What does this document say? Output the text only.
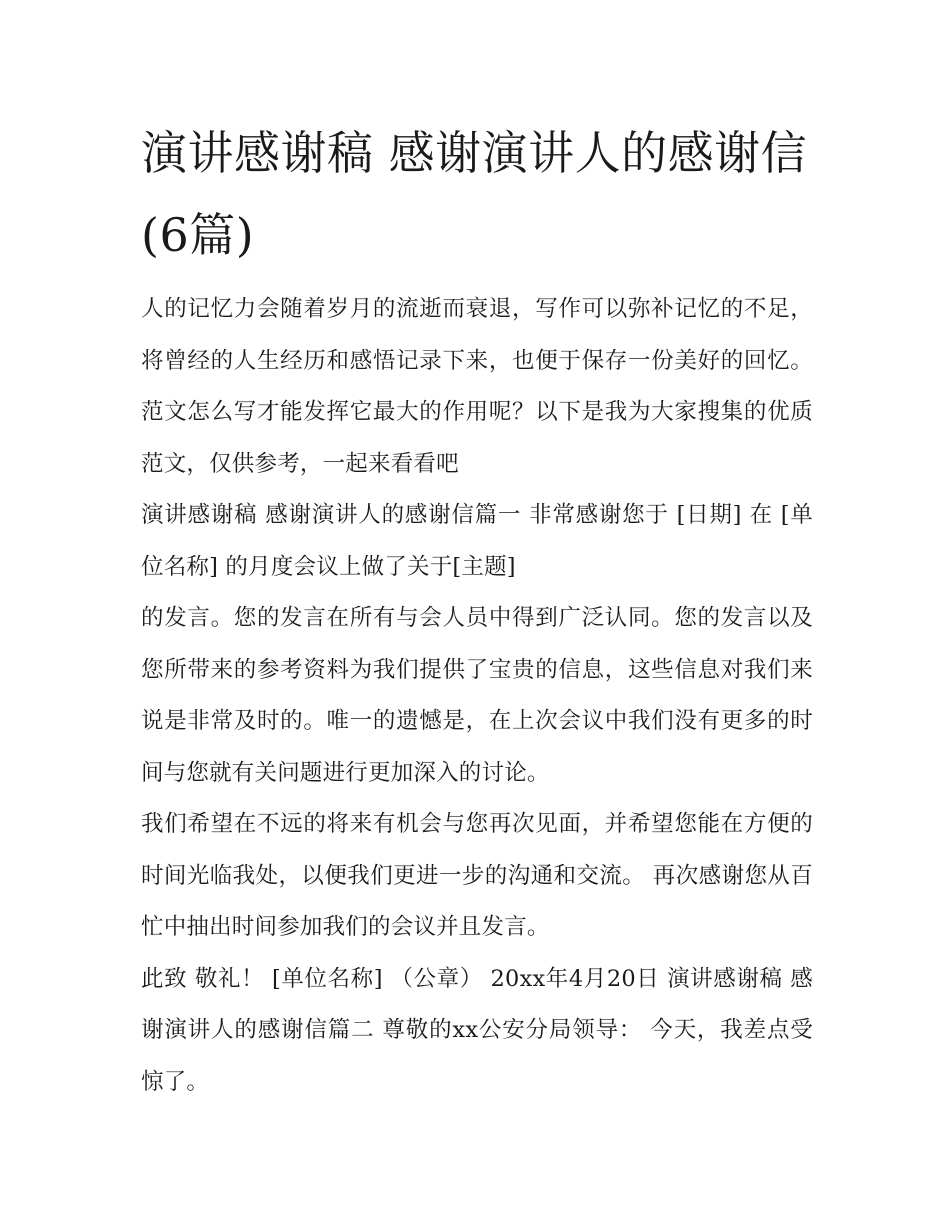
演讲感谢稿 感谢演讲人的感谢信(6篇)

人的记忆力会随着岁月的流逝而衰退，写作可以弥补记忆的不足，将曾经的人生经历和感悟记录下来，也便于保存一份美好的回忆。范文怎么写才能发挥它最大的作用呢？以下是我为大家搜集的优质范文，仅供参考，一起来看看吧

演讲感谢稿 感谢演讲人的感谢信篇一 非常感谢您于 [日期] 在 [单位名称] 的月度会议上做了关于[主题]

的发言。您的发言在所有与会人员中得到广泛认同。您的发言以及您所带来的参考资料为我们提供了宝贵的信息，这些信息对我们来说是非常及时的。唯一的遗憾是，在上次会议中我们没有更多的时间与您就有关问题进行更加深入的讨论。

我们希望在不远的将来有机会与您再次见面，并希望您能在方便的时间光临我处，以便我们更进一步的沟通和交流。 再次感谢您从百忙中抽出时间参加我们的会议并且发言。

此致 敬礼！ [单位名称] （公章） 20xx年4月20日 演讲感谢稿 感谢演讲人的感谢信篇二 尊敬的xx公安分局领导： 今天，我差点受惊了。
